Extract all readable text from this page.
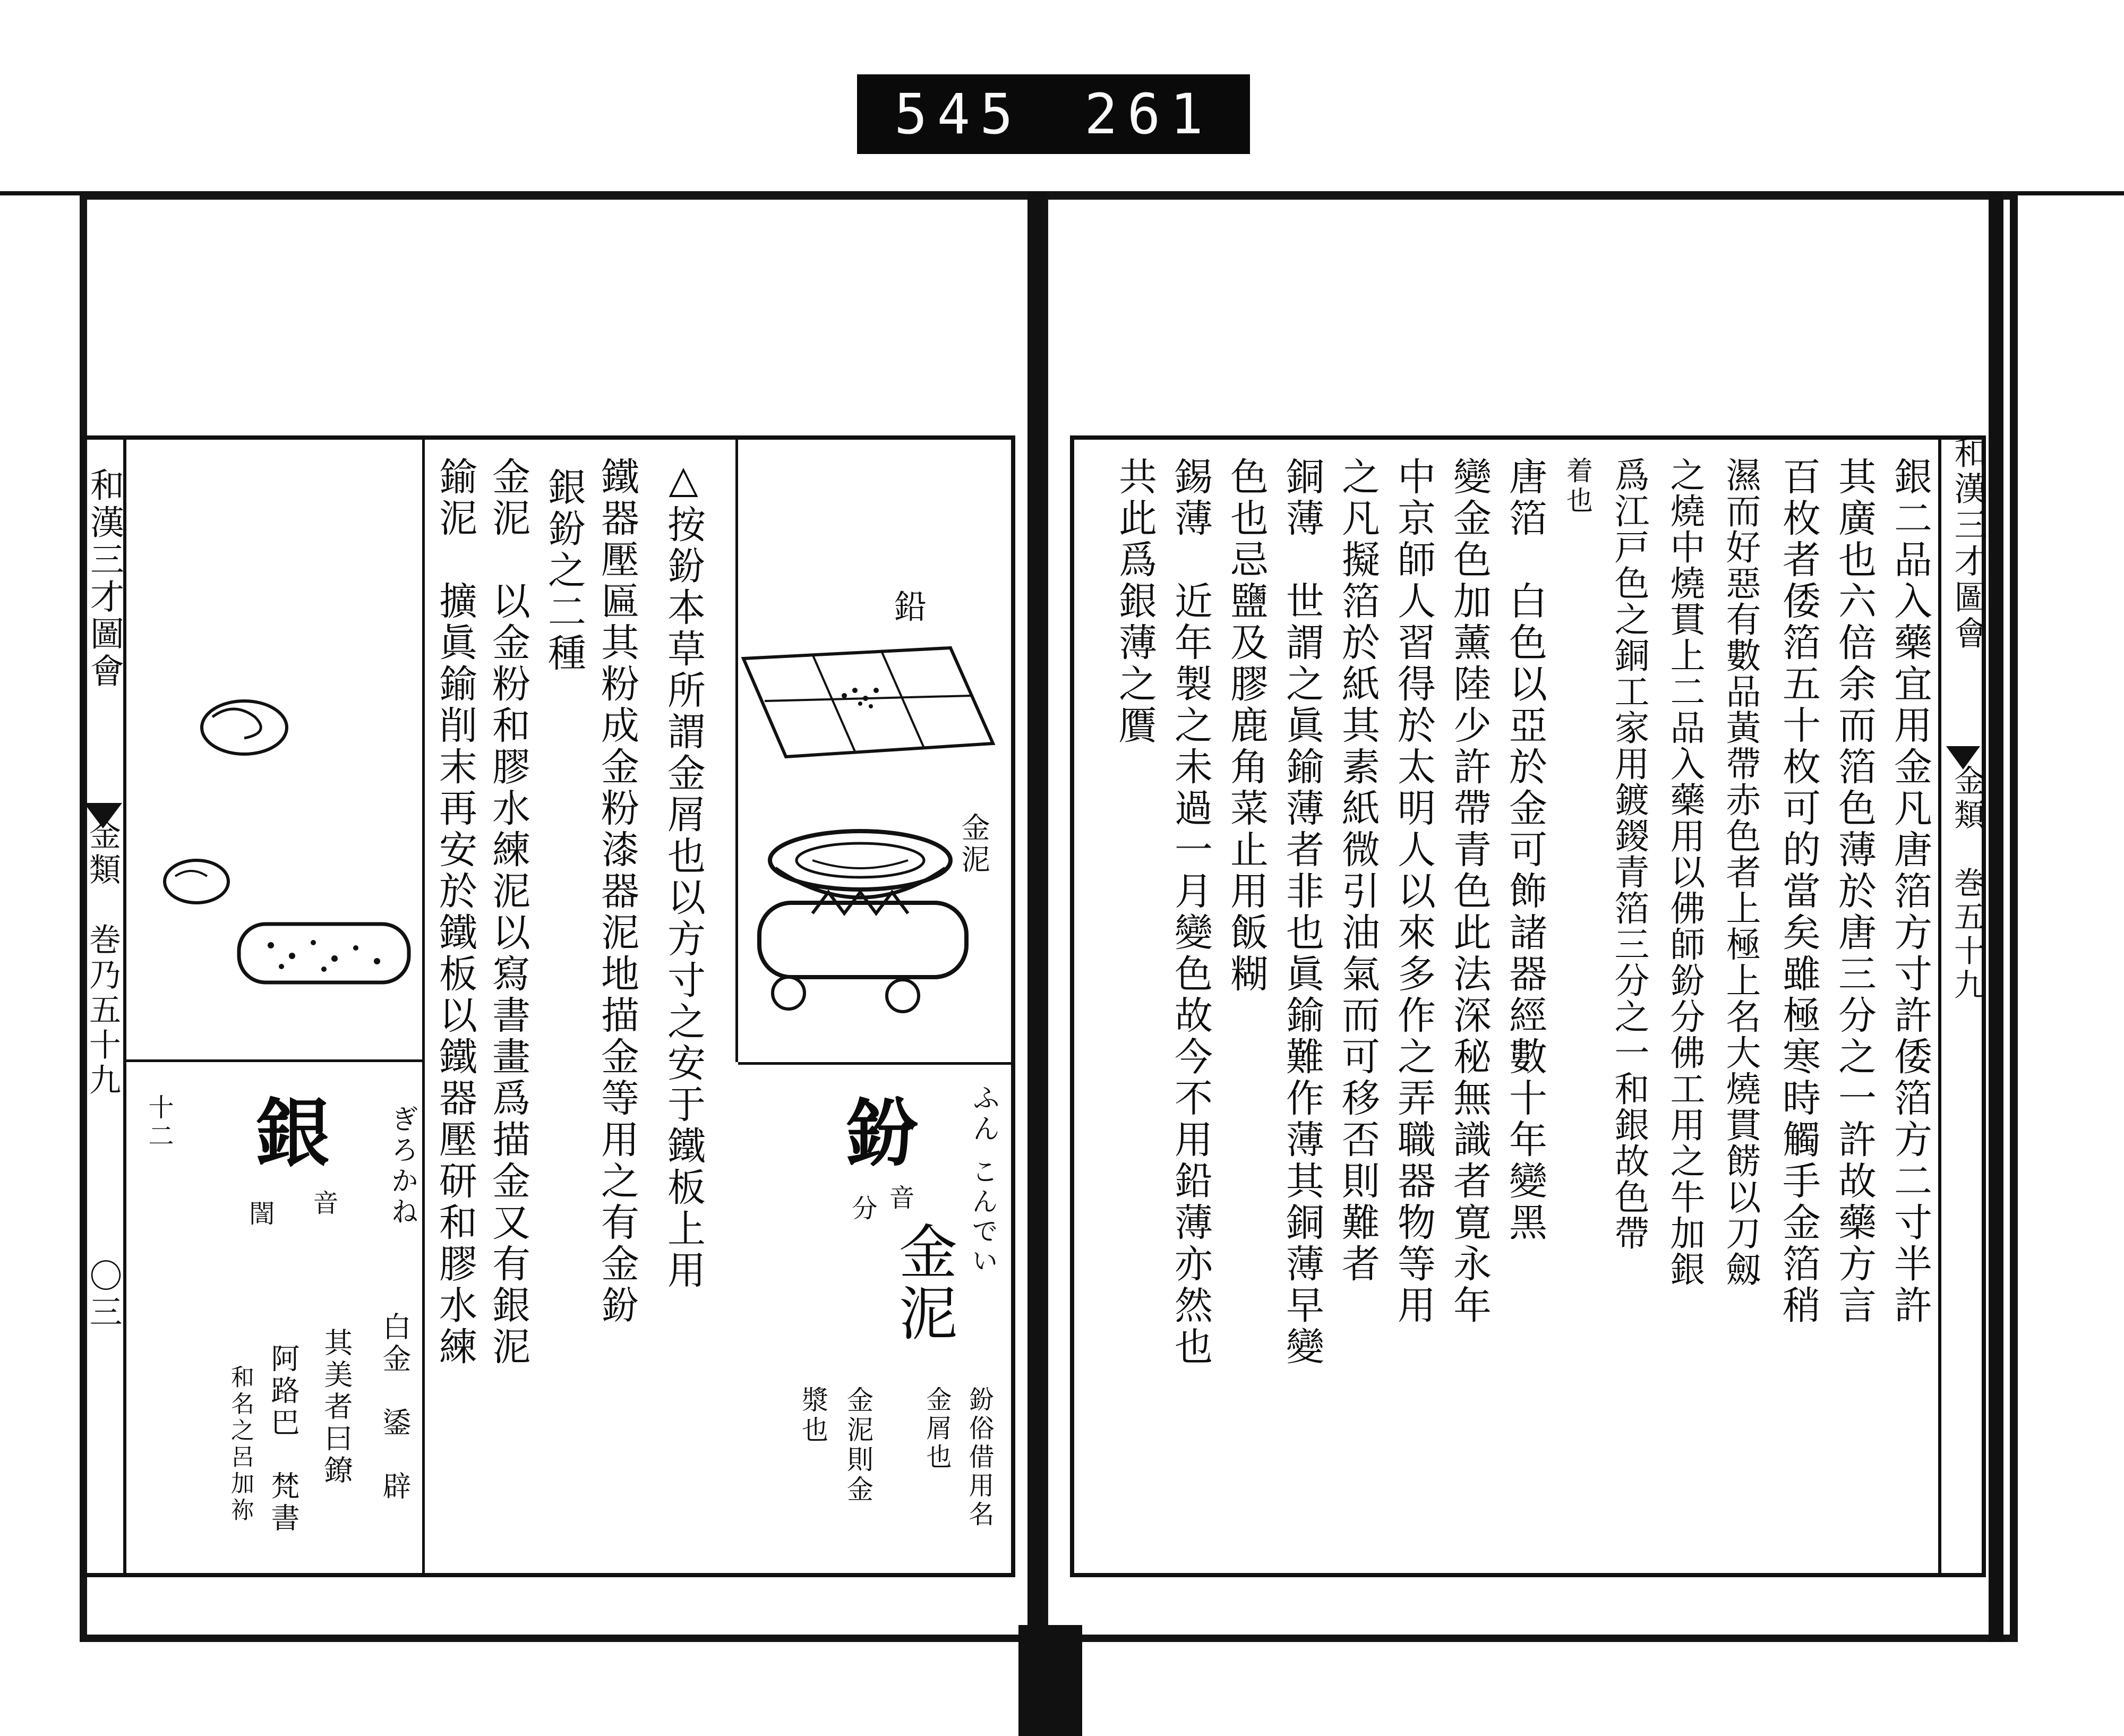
545 261
和漢三才圖會
金類　巻乃五十九
〇三
鉛
金泥
ふん
こんでい
鈖
音
分
金泥
鈖俗借用名
金屑也
金泥則金
漿也
十二	ぎろかね
銀
音
誾
白金　鋈　辟
其美者曰鐐
阿路巴　梵書
和名之呂加祢
△按鈖本草所謂金屑也以方寸之安于鐵板上用
鐵器壓匾其粉成金粉漆器泥地描金等用之有金鈖
銀鈖之二種
金泥　以金粉和膠水練泥以寫書畫爲描金又有銀泥
鍮泥　擴眞鍮削末再安於鐵板以鐵器壓研和膠水練	和漢三才圖會
金類　巻五十九
銀二品入藥宜用金凡唐箔方寸許倭箔方二寸半許
其廣也六倍余而箔色薄於唐三分之一許故藥方言
百枚者倭箔五十枚可的當矣雖極寒時觸手金箔稍
濕而好惡有數品黃帶赤色者上極上名大燒貫餝以刀劔
之燒中燒貫上二品入藥用以佛師鈖分佛工用之牛加銀
爲江戸色之銅工家用鍍鍐青箔三分之一和銀故色帶
着也
唐箔　白色以亞於金可飾諸器經數十年變黑
變金色加薰陸少許帶青色此法深秘無識者寛永年
中京師人習得於太明人以來多作之弄職器物等用
之凡擬箔於紙其素紙微引油氣而可移否則難者
銅薄　世謂之眞鍮薄者非也眞鍮難作薄其銅薄早變
色也忌鹽及膠鹿角菜止用飯糊
錫薄　近年製之未過一月變色故今不用鉛薄亦然也
共此爲銀薄之贋
